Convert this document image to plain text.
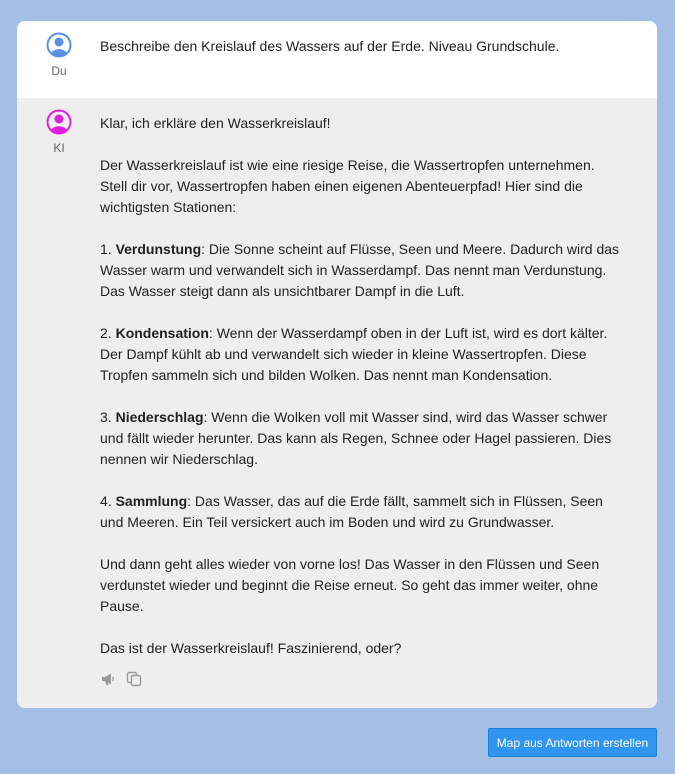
Du
Beschreibe den Kreislauf des Wassers auf der Erde. Niveau Grundschule.
KI

Klar, ich erkläre den Wasserkreislauf!

Der Wasserkreislauf ist wie eine riesige Reise, die Wassertropfen unternehmen. Stell dir vor, Wassertropfen haben einen eigenen Abenteuerpfad! Hier sind die wichtigsten Stationen:

1. Verdunstung: Die Sonne scheint auf Flüsse, Seen und Meere. Dadurch wird das Wasser warm und verwandelt sich in Wasserdampf. Das nennt man Verdunstung. Das Wasser steigt dann als unsichtbarer Dampf in die Luft.

2. Kondensation: Wenn der Wasserdampf oben in der Luft ist, wird es dort kälter. Der Dampf kühlt ab und verwandelt sich wieder in kleine Wassertropfen. Diese Tropfen sammeln sich und bilden Wolken. Das nennt man Kondensation.

3. Niederschlag: Wenn die Wolken voll mit Wasser sind, wird das Wasser schwer und fällt wieder herunter. Das kann als Regen, Schnee oder Hagel passieren. Dies nennen wir Niederschlag.

4. Sammlung: Das Wasser, das auf die Erde fällt, sammelt sich in Flüssen, Seen und Meeren. Ein Teil versickert auch im Boden und wird zu Grundwasser.

Und dann geht alles wieder von vorne los! Das Wasser in den Flüssen und Seen verdunstet wieder und beginnt die Reise erneut. So geht das immer weiter, ohne Pause.

Das ist der Wasserkreislauf! Faszinierend, oder?

Map aus Antworten erstellen
